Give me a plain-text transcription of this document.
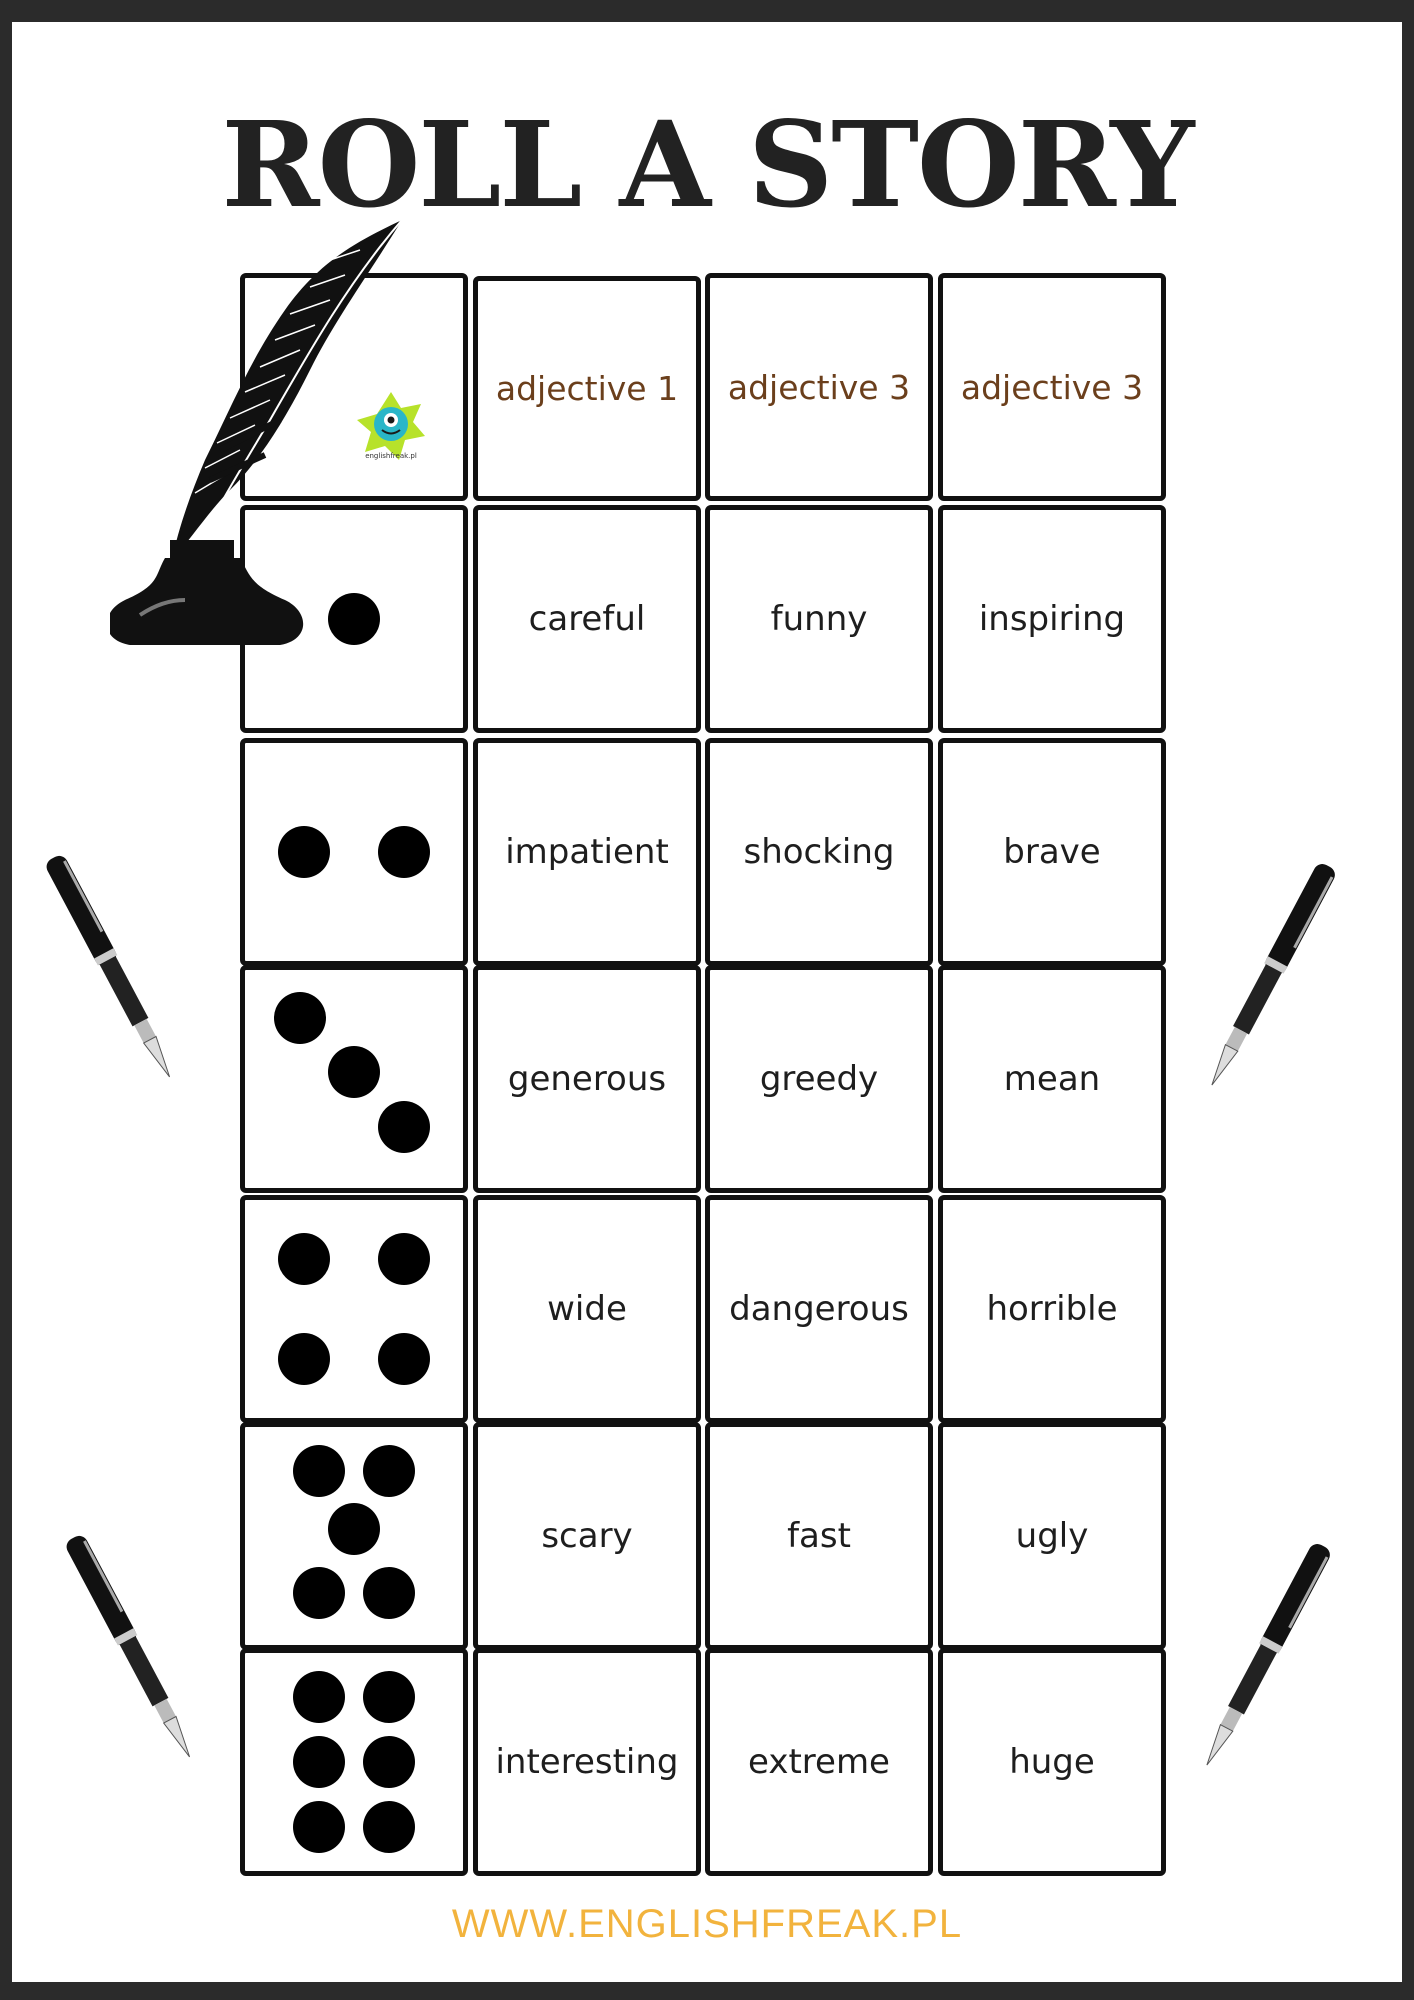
ROLL A STORY
adjective 1	adjective 3	adjective 3
careful	funny	inspiring
impatient	shocking	brave
generous	greedy	mean
wide	dangerous	horrible
scary	fast	ugly
interesting	extreme	huge
englishfreak.pl
WWW.ENGLISHFREAK.PL
